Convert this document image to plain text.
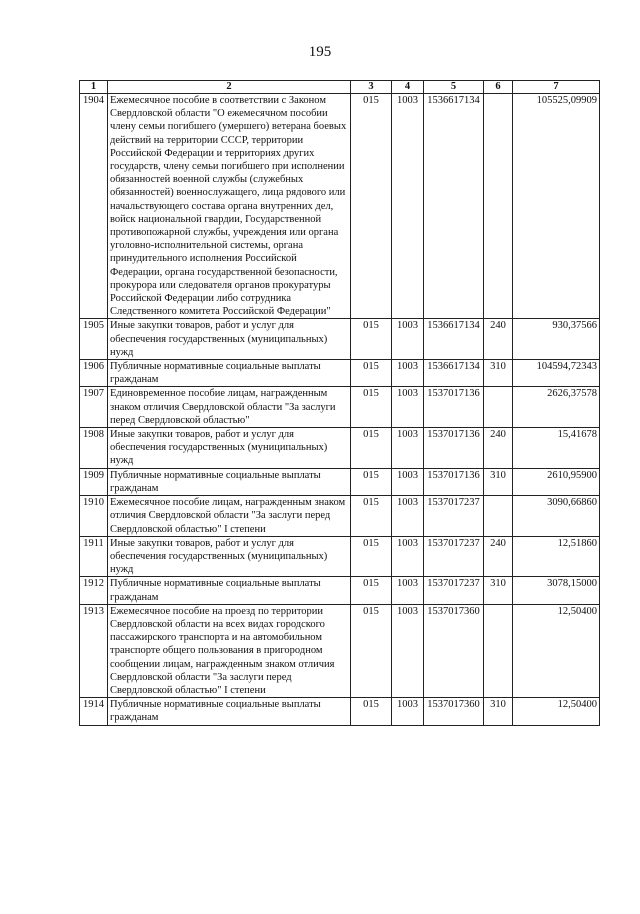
195
1	2	3	4	5	6	7
1904	Ежемесячное пособие в соответствии с Законом Свердловской области "О ежемесячном пособии члену семьи погибшего (умершего) ветерана боевых действий на территории СССР, территории Российской Федерации и территориях других государств, члену семьи погибшего при исполнении обязанностей военной службы (служебных обязанностей) военнослужащего, лица рядового или начальствующего состава органа внутренних дел, войск национальной гвардии, Государственной противопожарной службы, учреждения или органа уголовно-исполнительной системы, органа принудительного исполнения Российской Федерации, органа государственной безопасности, прокурора или следователя органов прокуратуры Российской Федерации либо сотрудника Следственного комитета Российской Федерации"	015	1003	1536617134		105525,09909
1905	Иные закупки товаров, работ и услуг для обеспечения государственных (муниципальных) нужд	015	1003	1536617134	240	930,37566
1906	Публичные нормативные социальные выплаты гражданам	015	1003	1536617134	310	104594,72343
1907	Единовременное пособие лицам, награжденным знаком отличия Свердловской области "За заслуги перед Свердловской областью"	015	1003	1537017136		2626,37578
1908	Иные закупки товаров, работ и услуг для обеспечения государственных (муниципальных) нужд	015	1003	1537017136	240	15,41678
1909	Публичные нормативные социальные выплаты гражданам	015	1003	1537017136	310	2610,95900
1910	Ежемесячное пособие лицам, награжденным знаком отличия Свердловской области "За заслуги перед Свердловской областью" I степени	015	1003	1537017237		3090,66860
1911	Иные закупки товаров, работ и услуг для обеспечения государственных (муниципальных) нужд	015	1003	1537017237	240	12,51860
1912	Публичные нормативные социальные выплаты гражданам	015	1003	1537017237	310	3078,15000
1913	Ежемесячное пособие на проезд по территории Свердловской области на всех видах городского пассажирского транспорта и на автомобильном транспорте общего пользования в пригородном сообщении лицам, награжденным знаком отличия Свердловской области "За заслуги перед Свердловской областью" I степени	015	1003	1537017360		12,50400
1914	Публичные нормативные социальные выплаты гражданам	015	1003	1537017360	310	12,50400
